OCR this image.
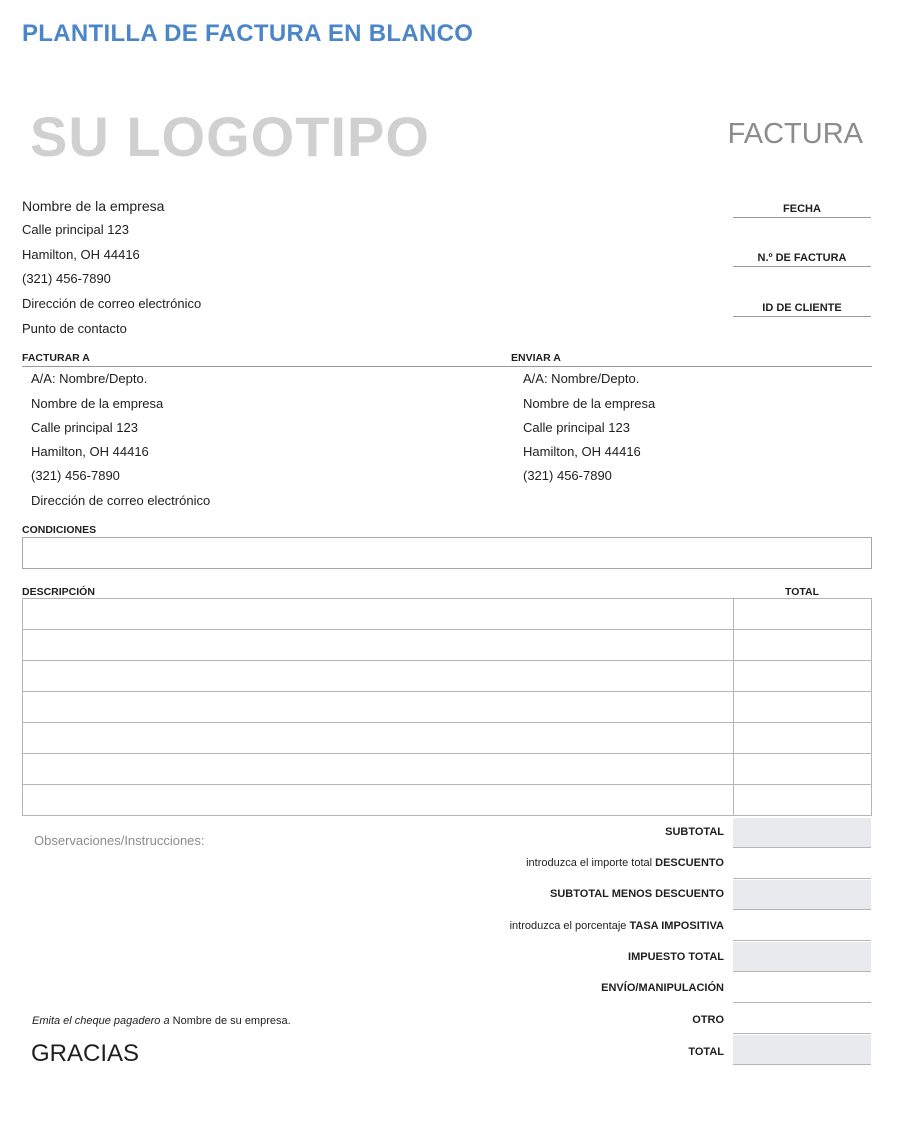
PLANTILLA DE FACTURA EN BLANCO
SU LOGOTIPO	FACTURA
Nombre de la empresa
Calle principal 123
Hamilton, OH 44416
(321) 456-7890
Dirección de correo electrónico
Punto de contacto
FECHA
N.º DE FACTURA
ID DE CLIENTE
FACTURAR A	ENVIAR A
A/A: Nombre/Depto.
Nombre de la empresa
Calle principal 123
Hamilton, OH 44416
(321) 456-7890
Dirección de correo electrónico
A/A: Nombre/Depto.
Nombre de la empresa
Calle principal 123
Hamilton, OH 44416
(321) 456-7890
CONDICIONES
DESCRIPCIÓN	TOTAL

Observaciones/Instrucciones:
SUBTOTAL
introduzca el importe total DESCUENTO
SUBTOTAL MENOS DESCUENTO
introduzca el porcentaje TASA IMPOSITIVA
IMPUESTO TOTAL
ENVÍO/MANIPULACIÓN
OTRO
TOTAL
Emita el cheque pagadero a Nombre de su empresa.
GRACIAS
